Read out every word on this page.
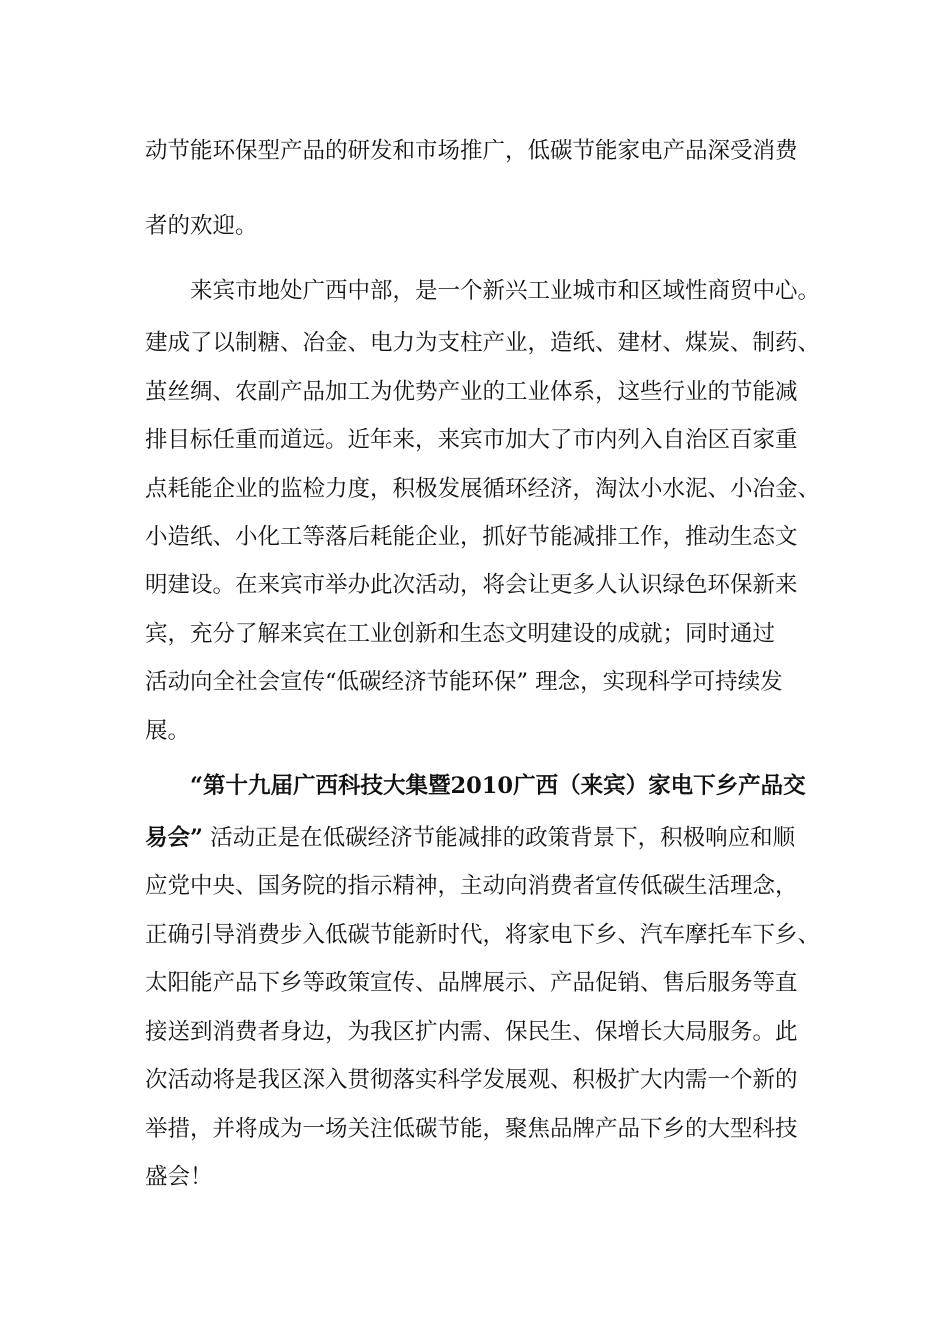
动节能环保型产品的研发和市场推广，低碳节能家电产品深受消费
者的欢迎。
来宾市地处广西中部，是一个新兴工业城市和区域性商贸中心。
建成了以制糖、冶金、电力为支柱产业，造纸、建材、煤炭、制药、
茧丝绸、农副产品加工为优势产业的工业体系，这些行业的节能减
排目标任重而道远。近年来，来宾市加大了市内列入自治区百家重
点耗能企业的监检力度，积极发展循环经济，淘汰小水泥、小冶金、
小造纸、小化工等落后耗能企业，抓好节能减排工作，推动生态文
明建设。在来宾市举办此次活动，将会让更多人认识绿色环保新来
宾，充分了解来宾在工业创新和生态文明建设的成就；同时通过
活动向全社会宣传“低碳经济节能环保” 理念，实现科学可持续发
展。
“第十九届广西科技大集暨2010广西（来宾）家电下乡产品交
易会” 活动正是在低碳经济节能减排的政策背景下，积极响应和顺
应党中央、国务院的指示精神，主动向消费者宣传低碳生活理念，
正确引导消费步入低碳节能新时代，将家电下乡、汽车摩托车下乡、
太阳能产品下乡等政策宣传、品牌展示、产品促销、售后服务等直
接送到消费者身边，为我区扩内需、保民生、保增长大局服务。此
次活动将是我区深入贯彻落实科学发展观、积极扩大内需一个新的
举措，并将成为一场关注低碳节能，聚焦品牌产品下乡的大型科技
盛会！
